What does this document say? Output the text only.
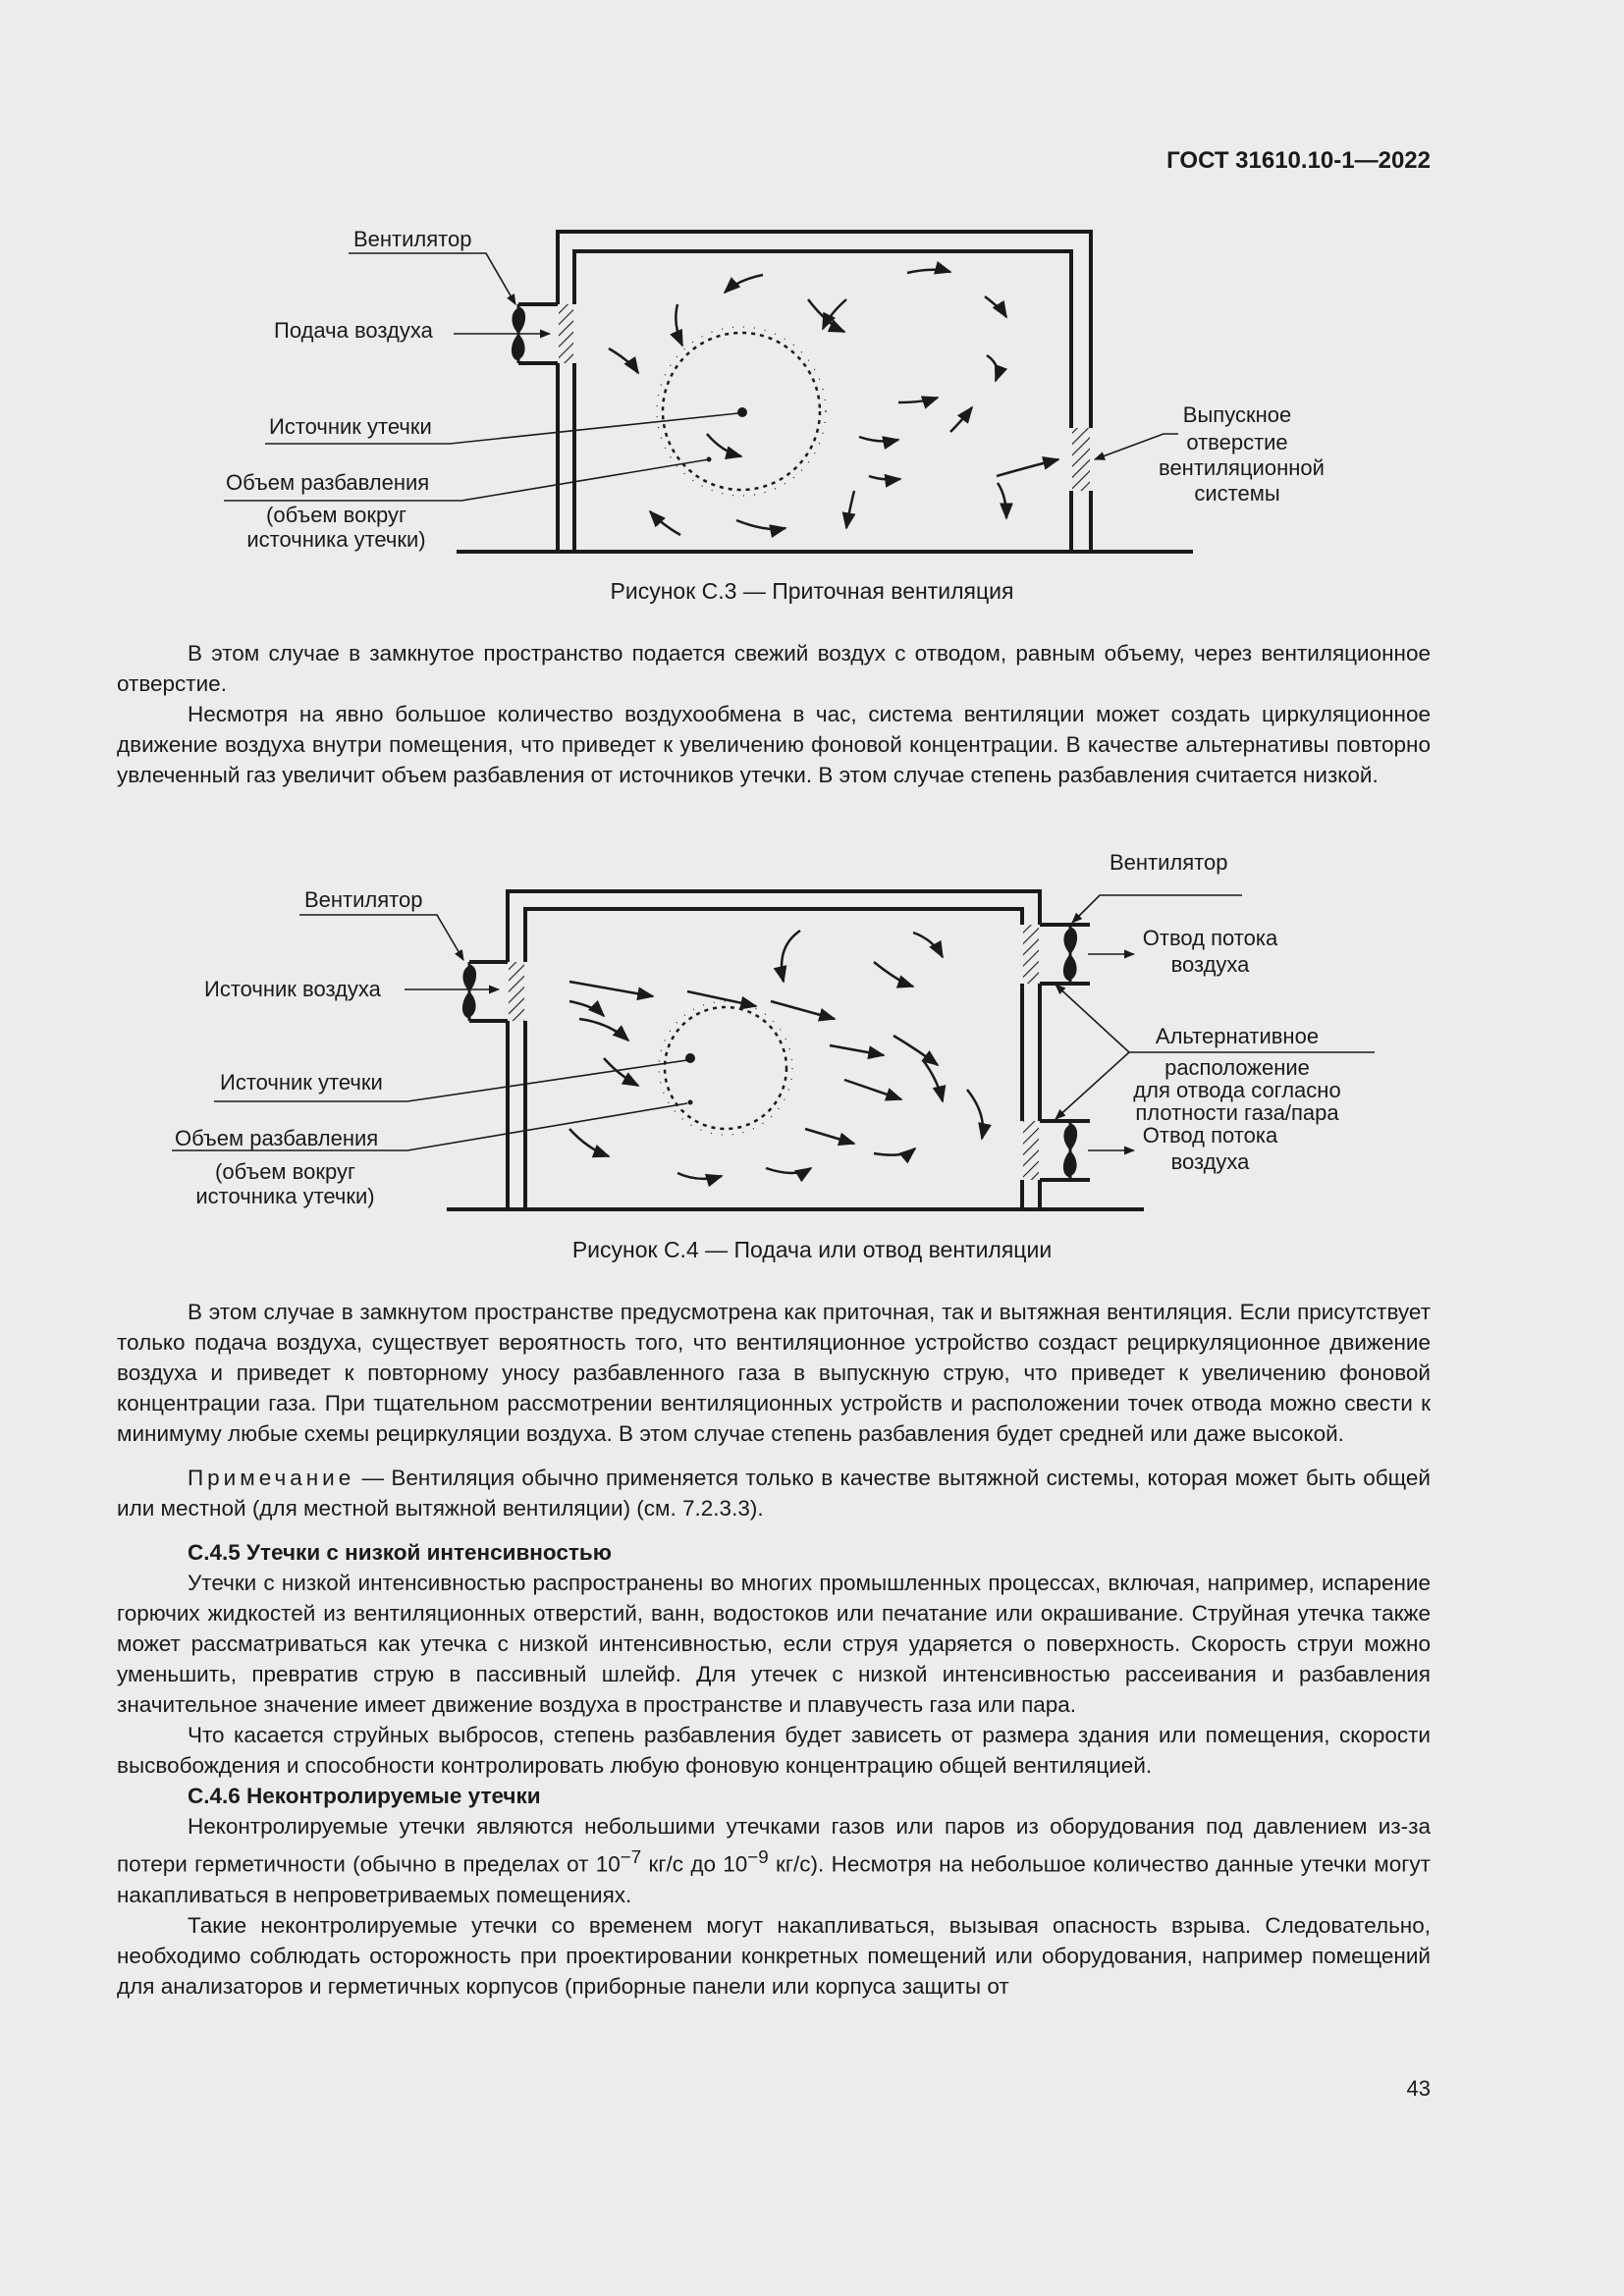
ГОСТ 31610.10-1—2022
Вентилятор
Подача воздуха
Источник утечки
Объем разбавления
(объем вокруг
источника утечки)
Выпускное
отверстие
вентиляционной
системы
Рисунок С.3 — Приточная вентиляция

В этом случае в замкнутое пространство подается свежий воздух с отводом, равным объему, через вентиляционное отверстие.

Несмотря на явно большое количество воздухообмена в час, система вентиляции может создать циркуляционное движение воздуха внутри помещения, что приведет к увеличению фоновой концентрации. В качестве альтернативы повторно увлеченный газ увеличит объем разбавления от источников утечки. В этом случае степень разбавления считается низкой.

Вентилятор
Источник воздуха
Источник утечки
Объем разбавления
(объем вокруг
источника утечки)
Вентилятор
Отвод потока
воздуха
Альтернативное
расположение
для отвода согласно
плотности газа/пара
Отвод потока
воздуха
Рисунок С.4 — Подача или отвод вентиляции

В этом случае в замкнутом пространстве предусмотрена как приточная, так и вытяжная вентиляция. Если присутствует только подача воздуха, существует вероятность того, что вентиляционное устройство создаст рециркуляционное движение воздуха и приведет к повторному уносу разбавленного газа в выпускную струю, что приведет к увеличению фоновой концентрации газа. При тщательном рассмотрении вентиляционных устройств и расположении точек отвода можно свести к минимуму любые схемы рециркуляции воздуха. В этом случае степень разбавления будет средней или даже высокой.

Примечание — Вентиляция обычно применяется только в качестве вытяжной системы, которая может быть общей или местной (для местной вытяжной вентиляции) (см. 7.2.3.3).

С.4.5 Утечки с низкой интенсивностью

Утечки с низкой интенсивностью распространены во многих промышленных процессах, включая, например, испарение горючих жидкостей из вентиляционных отверстий, ванн, водостоков или печатание или окрашивание. Струйная утечка также может рассматриваться как утечка с низкой интенсивностью, если струя ударяется о поверхность. Скорость струи можно уменьшить, превратив струю в пассивный шлейф. Для утечек с низкой интенсивностью рассеивания и разбавления значительное значение имеет движение воздуха в пространстве и плавучесть газа или пара.

Что касается струйных выбросов, степень разбавления будет зависеть от размера здания или помещения, скорости высвобождения и способности контролировать любую фоновую концентрацию общей вентиляцией.

С.4.6 Неконтролируемые утечки

Неконтролируемые утечки являются небольшими утечками газов или паров из оборудования под давлением из-за потери герметичности (обычно в пределах от $10^{-7}$ кг/с до $10^{-9}$ кг/с). Несмотря на небольшое количество данные утечки могут накапливаться в непроветриваемых помещениях.

Такие неконтролируемые утечки со временем могут накапливаться, вызывая опасность взрыва. Следовательно, необходимо соблюдать осторожность при проектировании конкретных помещений или оборудования, например помещений для анализаторов и герметичных корпусов (приборные панели или корпуса защиты от

43
